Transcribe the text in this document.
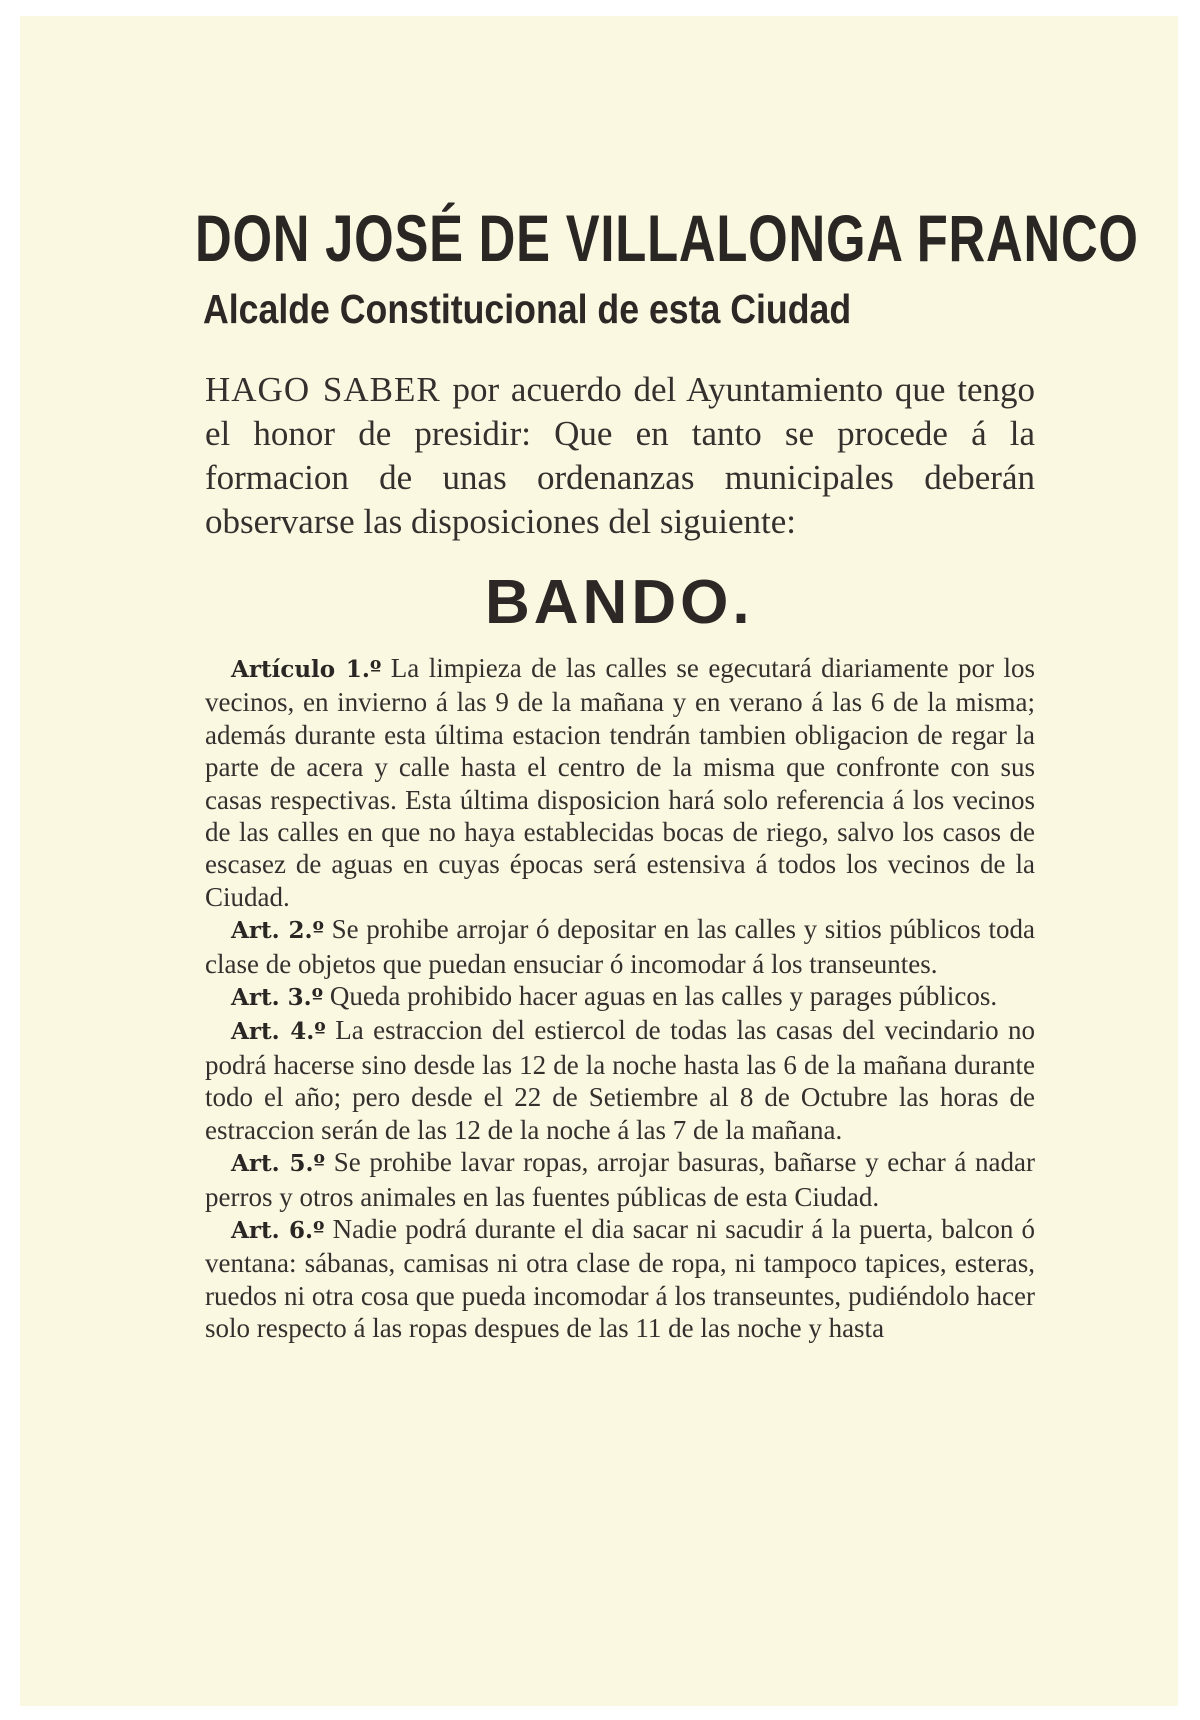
DON JOSÉ DE VILLALONGA FRANCO
Alcalde Constitucional de esta Ciudad

HAGO SABER por acuerdo del Ayuntamiento que tengo el honor de presidir: Que en tanto se procede á la formacion de unas ordenanzas municipales deberán observarse las disposiciones del siguiente:

BANDO.

Artículo 1.º La limpieza de las calles se egecutará diariamente por los vecinos, en invierno á las 9 de la mañana y en verano á las 6 de la misma; además durante esta última estacion tendrán tambien obligacion de regar la parte de acera y calle hasta el centro de la misma que confronte con sus casas respectivas. Esta última disposicion hará solo referencia á los vecinos de las calles en que no haya establecidas bocas de riego, salvo los casos de escasez de aguas en cuyas épocas será estensiva á todos los vecinos de la Ciudad.

Art. 2.º Se prohibe arrojar ó depositar en las calles y sitios públicos toda clase de objetos que puedan ensuciar ó incomodar á los transeuntes.

Art. 3.º Queda prohibido hacer aguas en las calles y parages públicos.

Art. 4.º La estraccion del estiercol de todas las casas del vecindario no podrá hacerse sino desde las 12 de la noche hasta las 6 de la mañana durante todo el año; pero desde el 22 de Setiembre al 8 de Octubre las horas de estraccion serán de las 12 de la noche á las 7 de la mañana.

Art. 5.º Se prohibe lavar ropas, arrojar basuras, bañarse y echar á nadar perros y otros animales en las fuentes públicas de esta Ciudad.

Art. 6.º Nadie podrá durante el dia sacar ni sacudir á la puerta, balcon ó ventana: sábanas, camisas ni otra clase de ropa, ni tampoco tapices, esteras, ruedos ni otra cosa que pueda incomodar á los transeuntes, pudiéndolo hacer solo respecto á las ropas despues de las 11 de las noche y hasta
